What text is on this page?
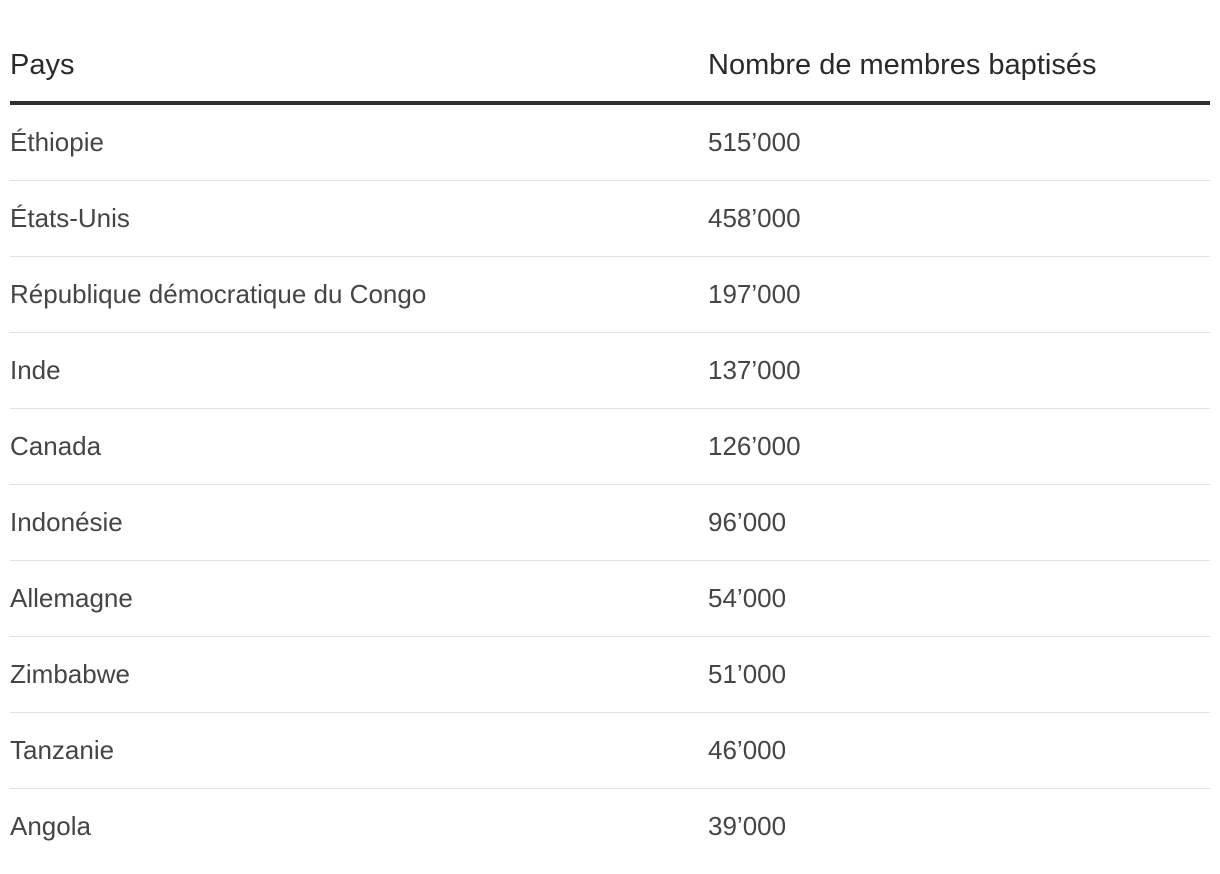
Pays	Nombre de membres baptisés
Éthiopie	515’000
États-Unis	458’000
République démocratique du Congo	197’000
Inde	137’000
Canada	126’000
Indonésie	96’000
Allemagne	54’000
Zimbabwe	51’000
Tanzanie	46’000
Angola	39’000
